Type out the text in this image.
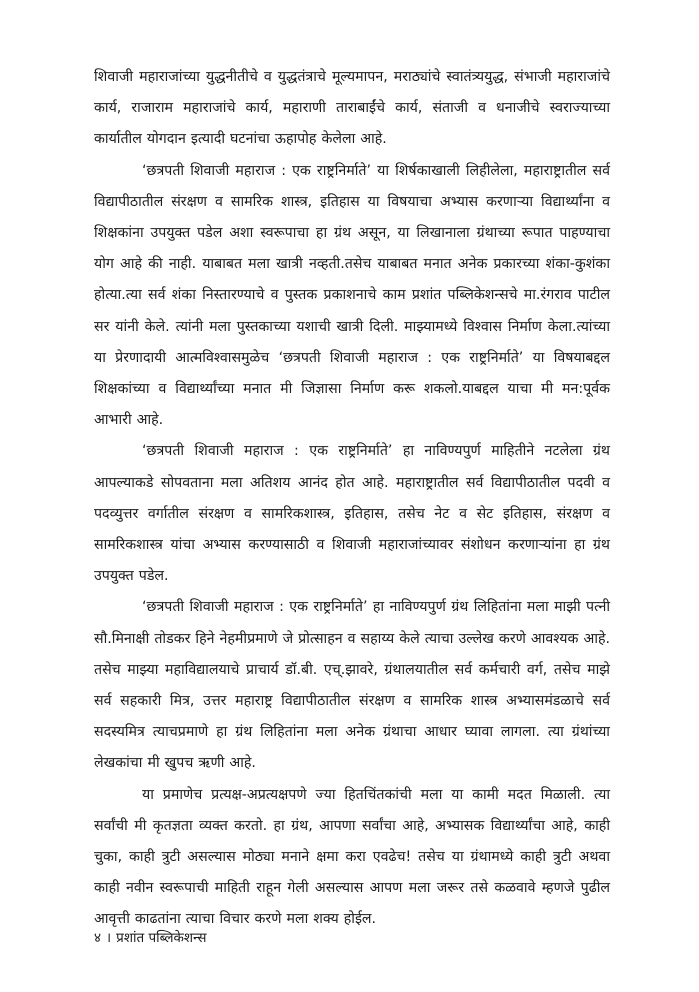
शिवाजी महाराजांच्या युद्धनीतीचे व युद्धतंत्राचे मूल्यमापन, मराठ्यांचे स्वातंत्र्ययुद्ध, संभाजी महाराजांचे कार्य, राजाराम महाराजांचे कार्य, महाराणी ताराबाईंचे कार्य, संताजी व धनाजीचे स्वराज्याच्या कार्यातील योगदान इत्यादी घटनांचा ऊहापोह केलेला आहे.

‘छत्रपती शिवाजी महाराज : एक राष्ट्रनिर्माते’ या शिर्षकाखाली लिहीलेला, महाराष्ट्रातील सर्व विद्यापीठातील संरक्षण व सामरिक शास्त्र, इतिहास या विषयाचा अभ्यास करणाऱ्या विद्यार्थ्यांना व शिक्षकांना उपयुक्त पडेल अशा स्वरूपाचा हा ग्रंथ असून, या लिखानाला ग्रंथाच्या रूपात पाहण्याचा योग आहे की नाही. याबाबत मला खात्री नव्हती.तसेच याबाबत मनात अनेक प्रकारच्या शंका-कुशंका होत्या.त्या सर्व शंका निस्तारण्याचे व पुस्तक प्रकाशनाचे काम प्रशांत पब्लिकेशन्सचे मा.रंगराव पाटील सर यांनी केले. त्यांनी मला पुस्तकाच्या यशाची खात्री दिली. माझ्यामध्ये विश्वास निर्माण केला.त्यांच्या या प्रेरणादायी आत्मविश्वासमुळेच ‘छत्रपती शिवाजी महाराज : एक राष्ट्रनिर्माते’ या विषयाबद्दल शिक्षकांच्या व विद्यार्थ्यांच्या मनात मी जिज्ञासा निर्माण करू शकलो.याबद्दल याचा मी मन:पूर्वक आभारी आहे.

‘छत्रपती शिवाजी महाराज : एक राष्ट्रनिर्माते’ हा नाविण्यपुर्ण माहितीने नटलेला ग्रंथ आपल्याकडे सोपवताना मला अतिशय आनंद होत आहे. महाराष्ट्रातील सर्व विद्यापीठातील पदवी व पदव्युत्तर वर्गातील संरक्षण व सामरिकशास्त्र, इतिहास, तसेच नेट व सेट इतिहास, संरक्षण व सामरिकशास्त्र यांचा अभ्यास करण्यासाठी व शिवाजी महाराजांच्यावर संशोधन करणाऱ्यांना हा ग्रंथ उपयुक्त पडेल.

‘छत्रपती शिवाजी महाराज : एक राष्ट्रनिर्माते’ हा नाविण्यपुर्ण ग्रंथ लिहितांना मला माझी पत्नी सौ.मिनाक्षी तोडकर हिने नेहमीप्रमाणे जे प्रोत्साहन व सहाय्य केले त्याचा उल्लेख करणे आवश्यक आहे. तसेच माझ्या महाविद्यालयाचे प्राचार्य डॉ.बी. एच्.झावरे, ग्रंथालयातील सर्व कर्मचारी वर्ग, तसेच माझे सर्व सहकारी मित्र, उत्तर महाराष्ट्र विद्यापीठातील संरक्षण व सामरिक शास्त्र अभ्यासमंडळाचे सर्व सदस्यमित्र त्याचप्रमाणे हा ग्रंथ लिहितांना मला अनेक ग्रंथाचा आधार घ्यावा लागला. त्या ग्रंथांच्या लेखकांचा मी खुपच ऋणी आहे.

या प्रमाणेच प्रत्यक्ष-अप्रत्यक्षपणे ज्या हितचिंतकांची मला या कामी मदत मिळाली. त्या सर्वांची मी कृतज्ञता व्यक्त करतो. हा ग्रंथ, आपणा सर्वांचा आहे, अभ्यासक विद्यार्थ्यांचा आहे, काही चुका, काही त्रुटी असल्यास मोठ्या मनाने क्षमा करा एवढेच! तसेच या ग्रंथामध्ये काही त्रुटी अथवा काही नवीन स्वरूपाची माहिती राहून गेली असल्यास आपण मला जरूर तसे कळवावे म्हणजे पुढील आवृत्ती काढतांना त्याचा विचार करणे मला शक्य होईल.

४ । प्रशांत पब्लिकेशन्स
